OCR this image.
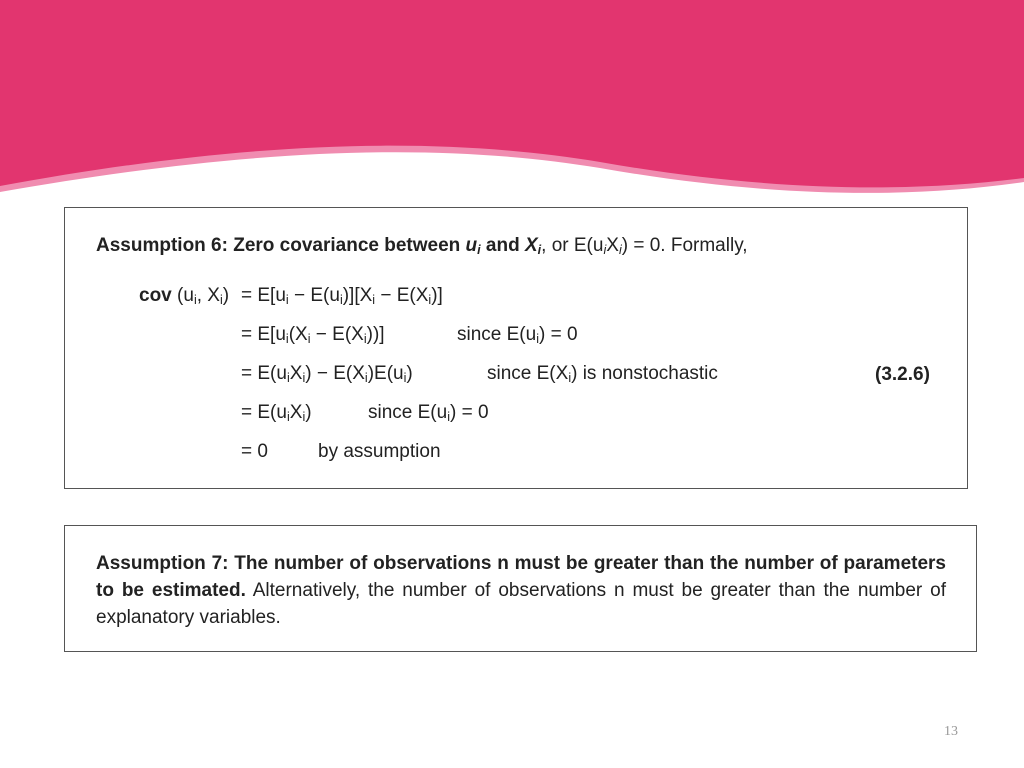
Assumption 6: Zero covariance between $u_i$ and $X_i$, or $E(u_iX_i) = 0$. Formally,
cov ($u_i$, $X_i) = E[u_i - E(u_i)][X_i - E(X_i)]$
= $E[u_i(X_i - E(X_i))]$	since $E(u_i) = 0$
= $E(u_iX_i) - E(X_i)E(u_i)$	since $E(X_i)$ is nonstochastic	(3.2.6)
= $E(u_iX_i)$	since $E(u_i) = 0$
= 0	by assumption
Assumption 7: The number of observations n must be greater than the number of parameters to be estimated. Alternatively, the number of observations n must be greater than the number of explanatory variables.
13
